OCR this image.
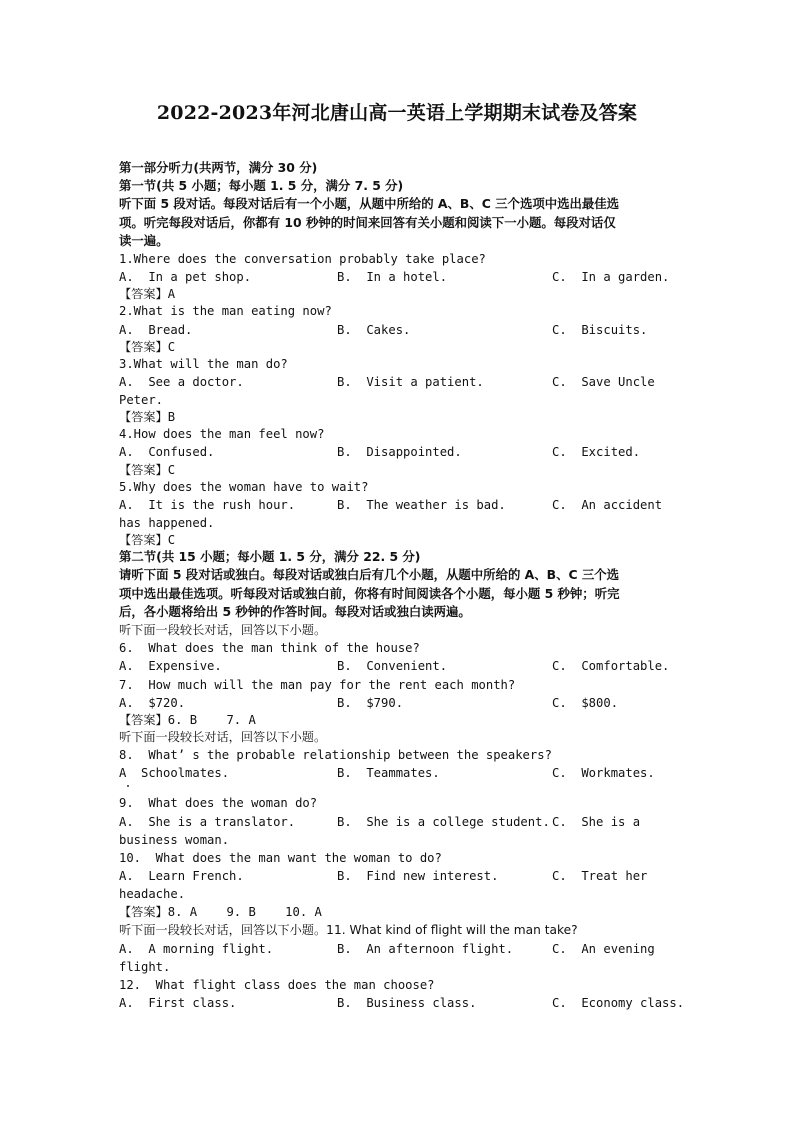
2022-2023年河北唐山高一英语上学期期末试卷及答案
第一部分听力(共两节，满分 30 分)
第一节(共 5 小题；每小题 1. 5 分，满分 7. 5 分)
听下面 5 段对话。每段对话后有一个小题，从题中所给的 A、B、C 三个选项中选出最佳选
项。听完每段对话后，你都有 10 秒钟的时间来回答有关小题和阅读下一小题。每段对话仅
读一遍。
1.Where does the conversation probably take place?
A.  In a pet shop.	B.  In a hotel.	C.  In a garden.
【答案】A
2.What is the man eating now?
A.  Bread.	B.  Cakes.	C.  Biscuits.
【答案】C
3.What will the man do?
A.  See a doctor.	B.  Visit a patient.	C.  Save Uncle
Peter.
【答案】B
4.How does the man feel now?
A.  Confused.	B.  Disappointed.	C.  Excited.
【答案】C
5.Why does the woman have to wait?
A.  It is the rush hour.	B.  The weather is bad.	C.  An accident
has happened.
【答案】C
第二节(共 15 小题；每小题 1. 5 分，满分 22. 5 分)
请听下面 5 段对话或独白。每段对话或独白后有几个小题，从题中所给的 A、B、C 三个选
项中选出最佳选项。听每段对话或独白前，你将有时间阅读各个小题，每小题 5 秒钟；听完
后，各小题将给出 5 秒钟的作答时间。每段对话或独白读两遍。
听下面一段较长对话，回答以下小题。
6.  What does the man think of the house?
A.  Expensive.	B.  Convenient.	C.  Comfortable.
7.  How much will the man pay for the rent each month?
A.  $720.	B.  $790.	C.  $800.
【答案】6. B    7. A
听下面一段较长对话，回答以下小题。
8.  What’ s the probable relationship between the speakers?
A  Schoolmates.	B.  Teammates.	C.  Workmates.
9.  What does the woman do?
A.  She is a translator.	B.  She is a college student. C.  She is a
business woman.
10.  What does the man want the woman to do?
A.  Learn French.	B.  Find new interest.	C.  Treat her
headache.
【答案】8. A    9. B    10. A
听下面一段较长对话，回答以下小题。11. What kind of flight will the man take?
A.  A morning flight.	B.  An afternoon flight.	C.  An evening
flight.
12.  What flight class does the man choose?
A.  First class.	B.  Business class.	C.  Economy class.
